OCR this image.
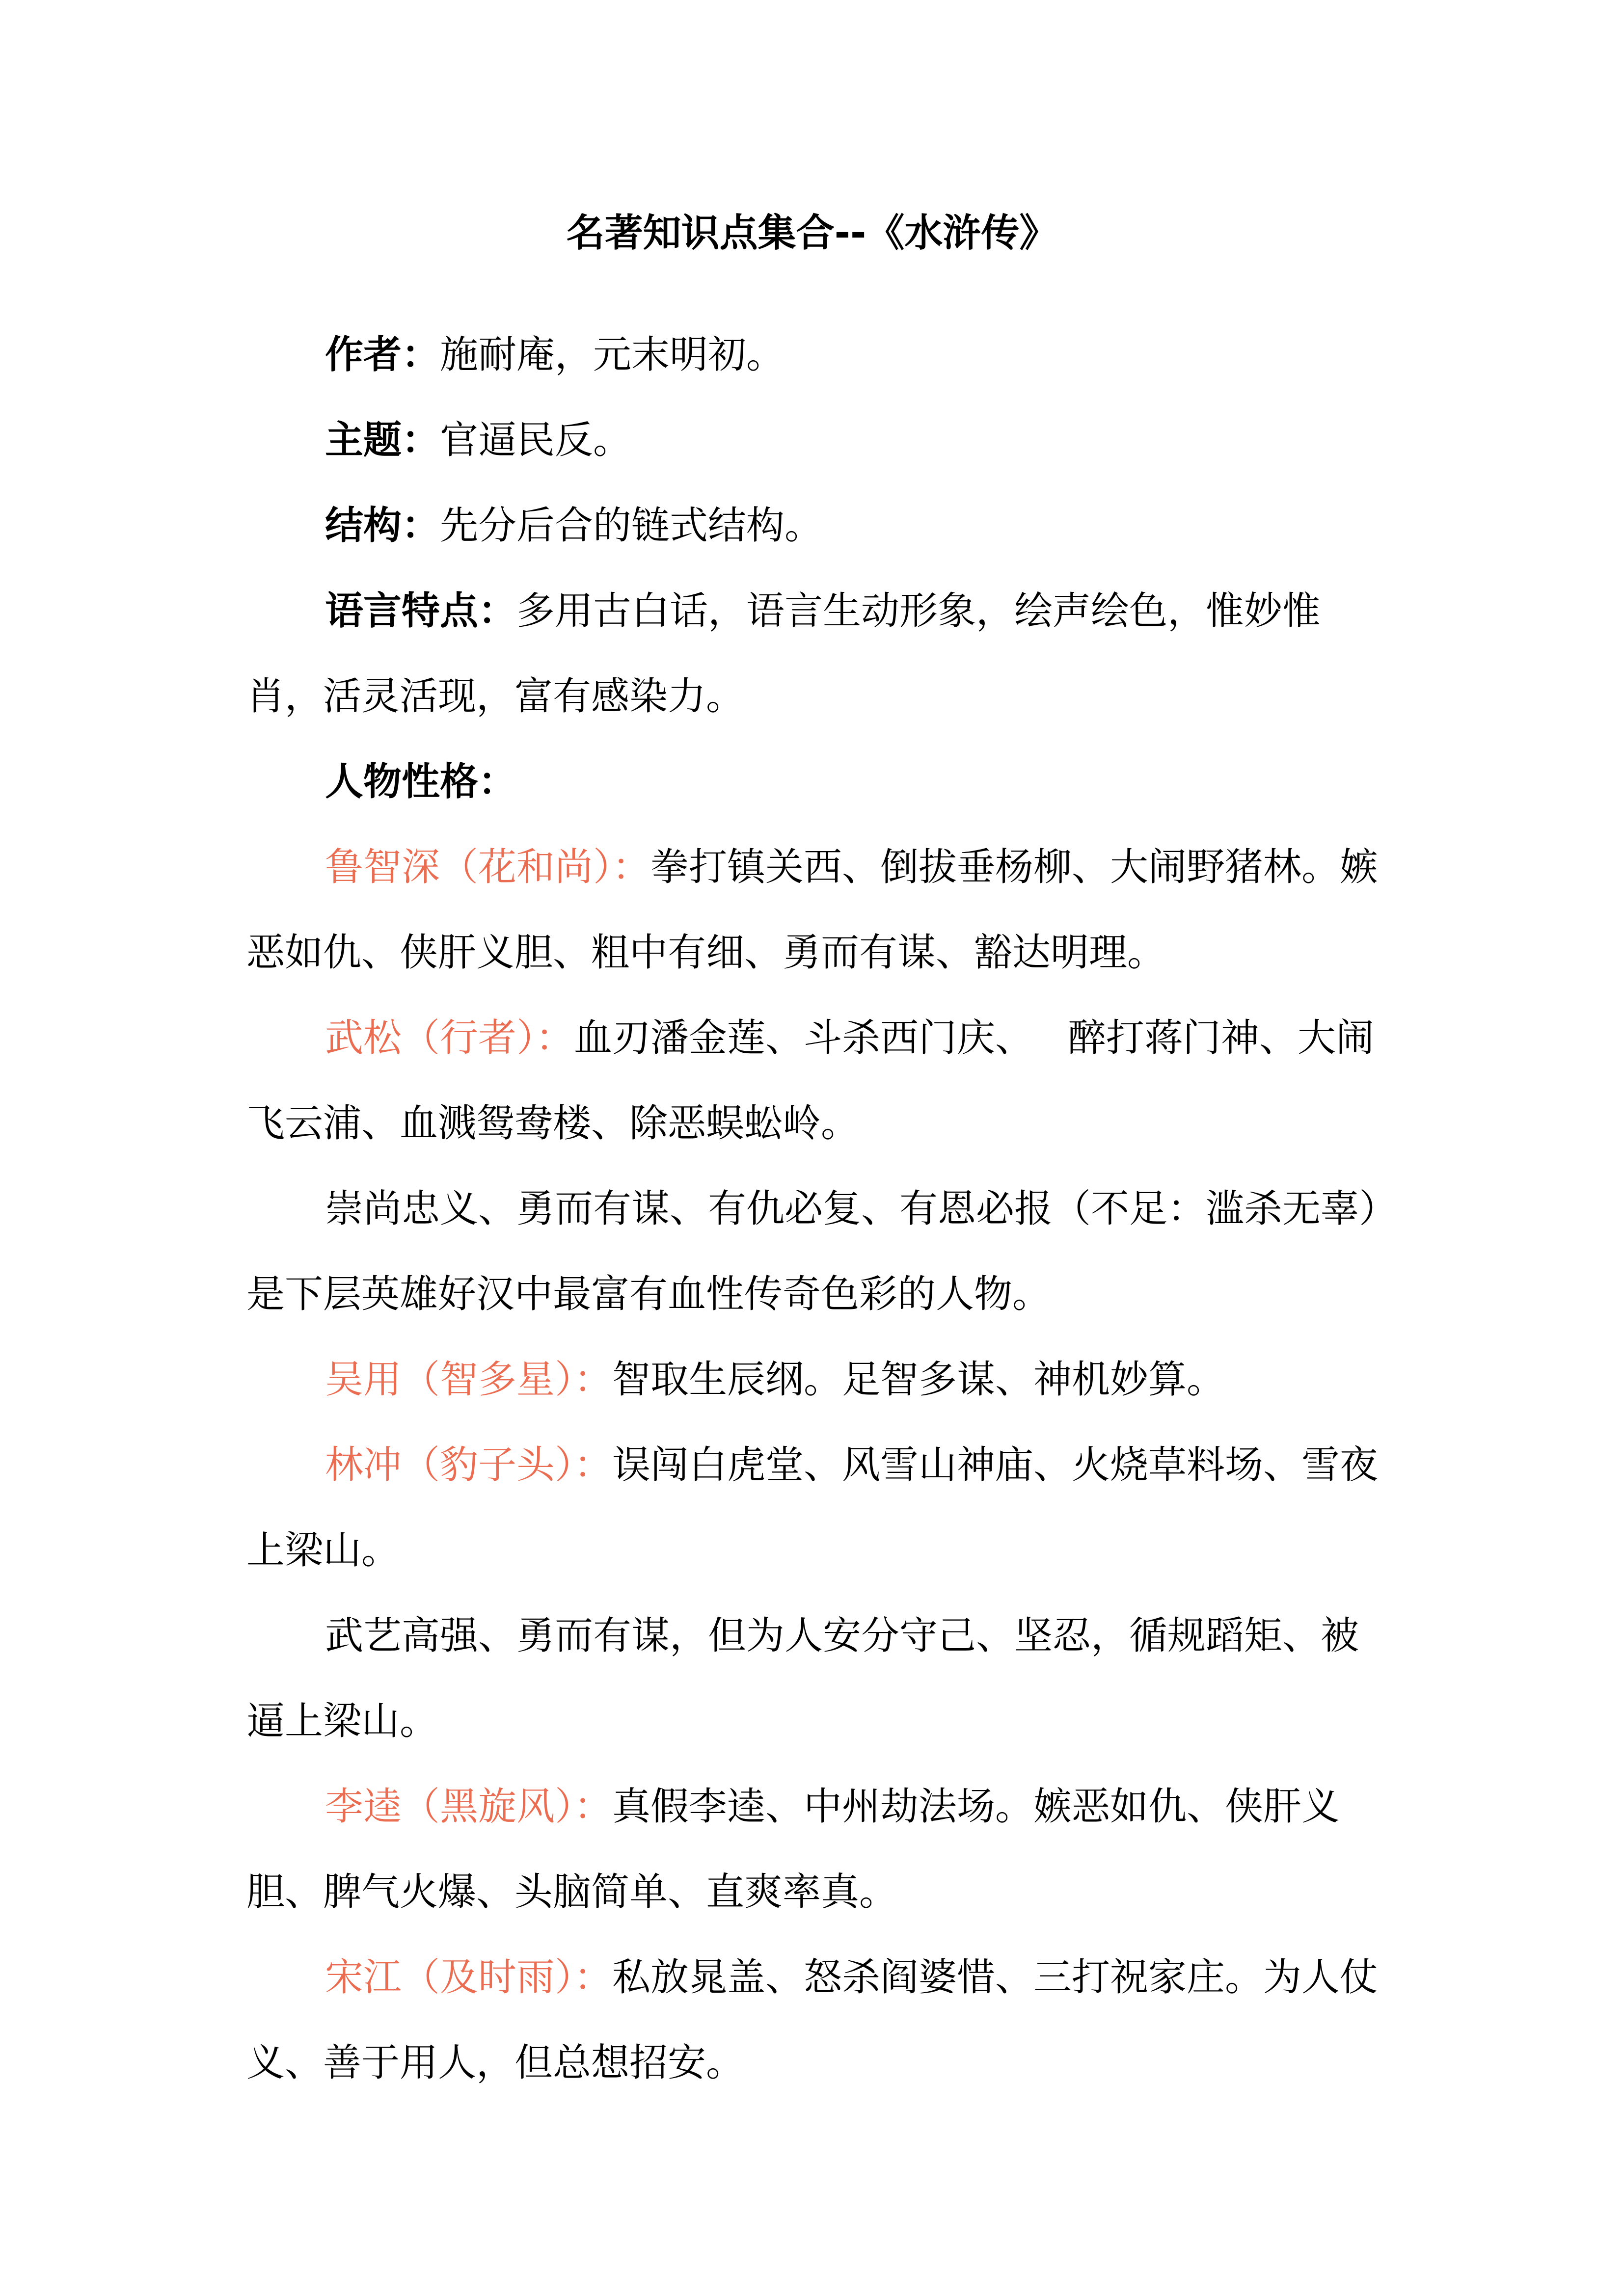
名著知识点集合--《水浒传》

作者：施耐庵，元末明初。

主题：官逼民反。

结构：先分后合的链式结构。

语言特点：多用古白话，语言生动形象，绘声绘色，惟妙惟肖，活灵活现，富有感染力。

人物性格：

鲁智深（花和尚）：拳打镇关西、倒拔垂杨柳、大闹野猪林。嫉恶如仇、侠肝义胆、粗中有细、勇而有谋、豁达明理。

武松（行者）：血刃潘金莲、斗杀西门庆、 醉打蒋门神、大闹飞云浦、血溅鸳鸯楼、除恶蜈蚣岭。

崇尚忠义、勇而有谋、有仇必复、有恩必报（不足：滥杀无辜）是下层英雄好汉中最富有血性传奇色彩的人物。

吴用（智多星）：智取生辰纲。足智多谋、神机妙算。

林冲（豹子头）：误闯白虎堂、风雪山神庙、火烧草料场、雪夜上梁山。

武艺高强、勇而有谋，但为人安分守己、坚忍，循规蹈矩、被逼上梁山。

李逵（黑旋风）：真假李逵、中州劫法场。嫉恶如仇、侠肝义胆、脾气火爆、头脑简单、直爽率真。

宋江（及时雨）：私放晁盖、怒杀阎婆惜、三打祝家庄。为人仗义、善于用人，但总想招安。
